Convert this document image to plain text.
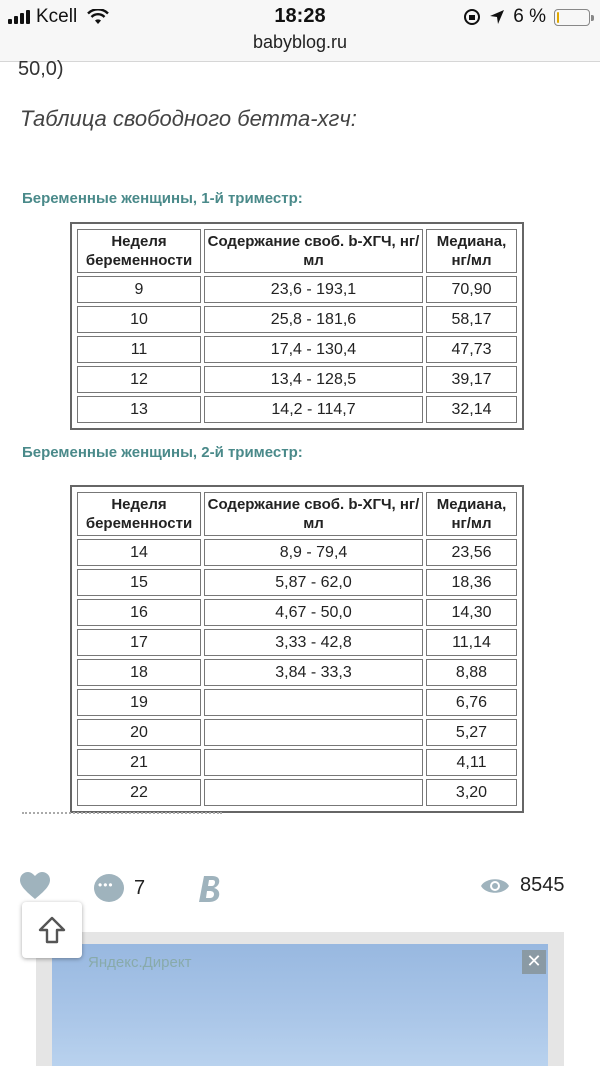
Kcell	18:28	6 %
babyblog.ru
50,0)
Таблица свободного бетта-хгч:
Беременные женщины, 1-й триместр:
Неделя беременности	Содержание своб. b-ХГЧ, нг/мл	Медиана, нг/мл
9	23,6 - 193,1	70,90
10	25,8 - 181,6	58,17
11	17,4 - 130,4	47,73
12	13,4 - 128,5	39,17
13	14,2 - 114,7	32,14
Беременные женщины, 2-й триместр:
Неделя беременности	Содержание своб. b-ХГЧ, нг/мл	Медиана, нг/мл
14	8,9 - 79,4	23,56
15	5,87 - 62,0	18,36
16	4,67 - 50,0	14,30
17	3,33 - 42,8	11,14
18	3,84 - 33,3	8,88
19		6,76
20		5,27
21		4,11
22		3,20
•••
7	8545
Яндекс.Директ	✕
